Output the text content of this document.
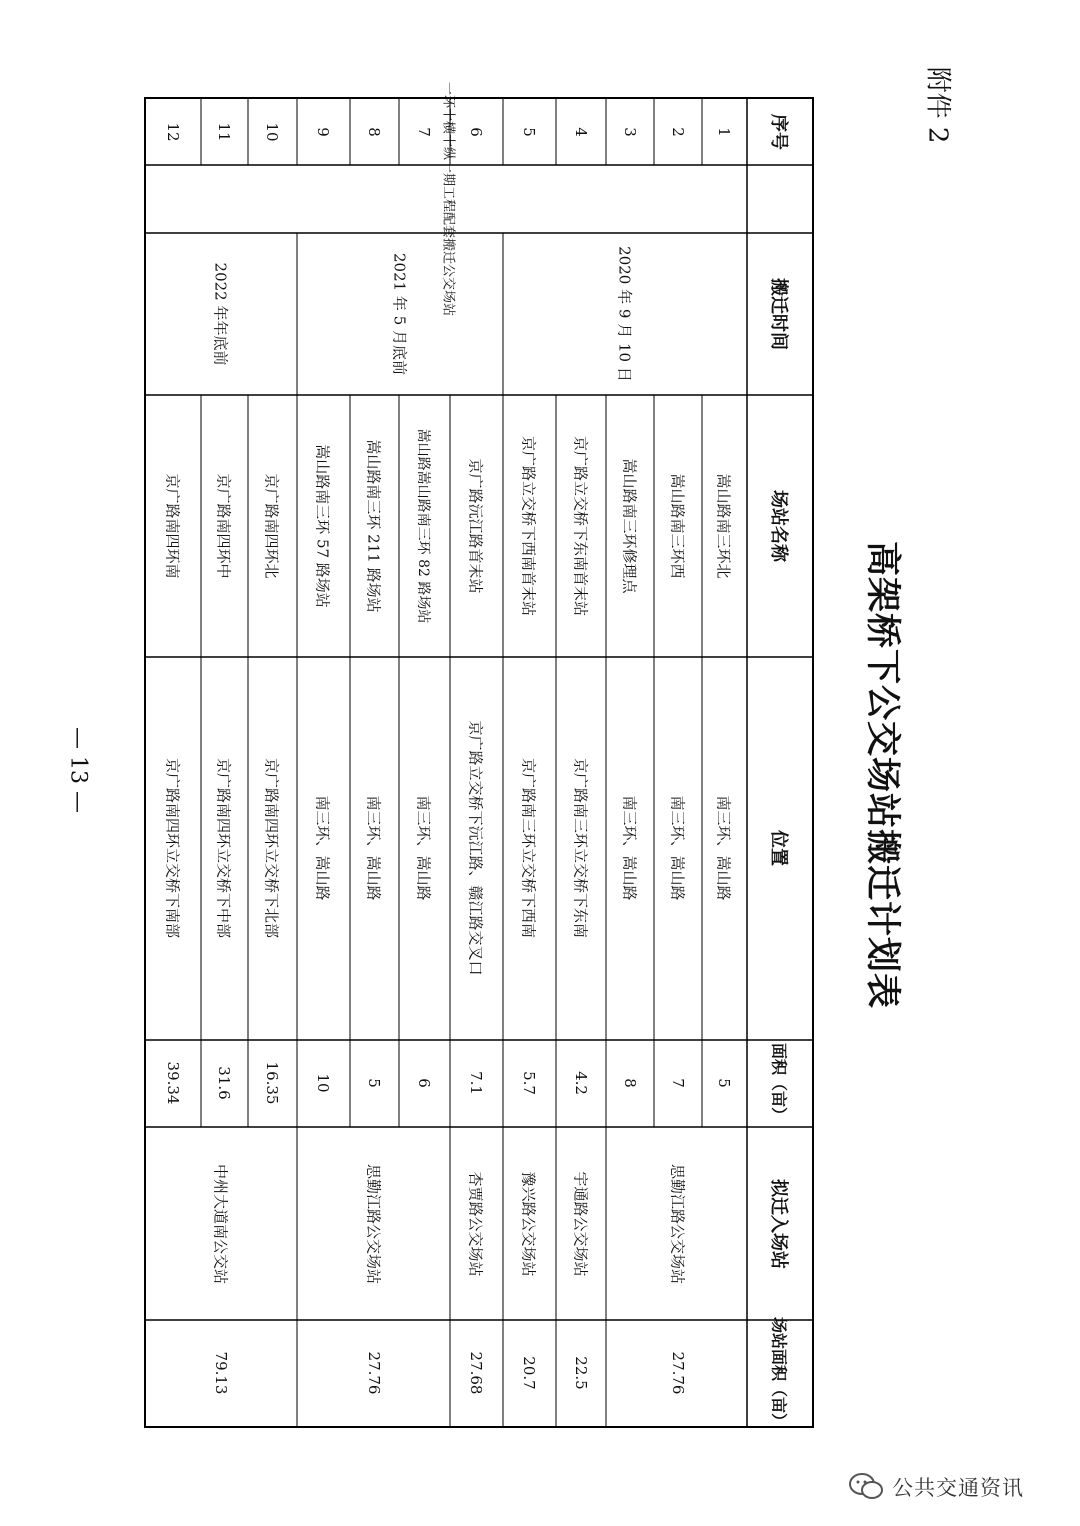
附件 2
高架桥下公交场站搬迁计划表
— 13 —
序号
搬迁时间
场站名称
位置
面积（亩）
拟迁入场站
场站面积（亩）
一环十横十纵一期工程配套搬迁公交场站	2020 年 9 月 10 日
2021 年 5 月底前
2022 年年底前
1
2
3
4
5
6
7
8
9
10
11
12
嵩山路南三环北
嵩山路南三环西
嵩山路南三环修理点
京广路立交桥下东南首末站
京广路立交桥下西南首末站
京广路沅江路首末站
嵩山路嵩山路南三环 82 路场站
嵩山路南三环 211 路场站
嵩山路南三环 57 路场站
京广路南四环北
京广路南四环中
京广路南四环南
南三环、嵩山路
南三环、嵩山路
南三环、嵩山路
京广路南三环立交桥下东南
京广路南三环立交桥下西南
京广路立交桥下沅江路、赣江路交叉口
南三环、嵩山路
南三环、嵩山路
南三环、嵩山路
京广路南四环立交桥下北部
京广路南四环立交桥下中部
京广路南四环立交桥下南部
5
7
8
4.2
5.7
7.1
6
5
10
16.35
31.6
39.34
思勤江路公交场站
27.76
宇通路公交场站
22.5
豫兴路公交场站
20.7
杏贾路公交场站
27.68
思勤江路公交场站
27.76
中州大道南公交站
79.13
公共交通资讯
